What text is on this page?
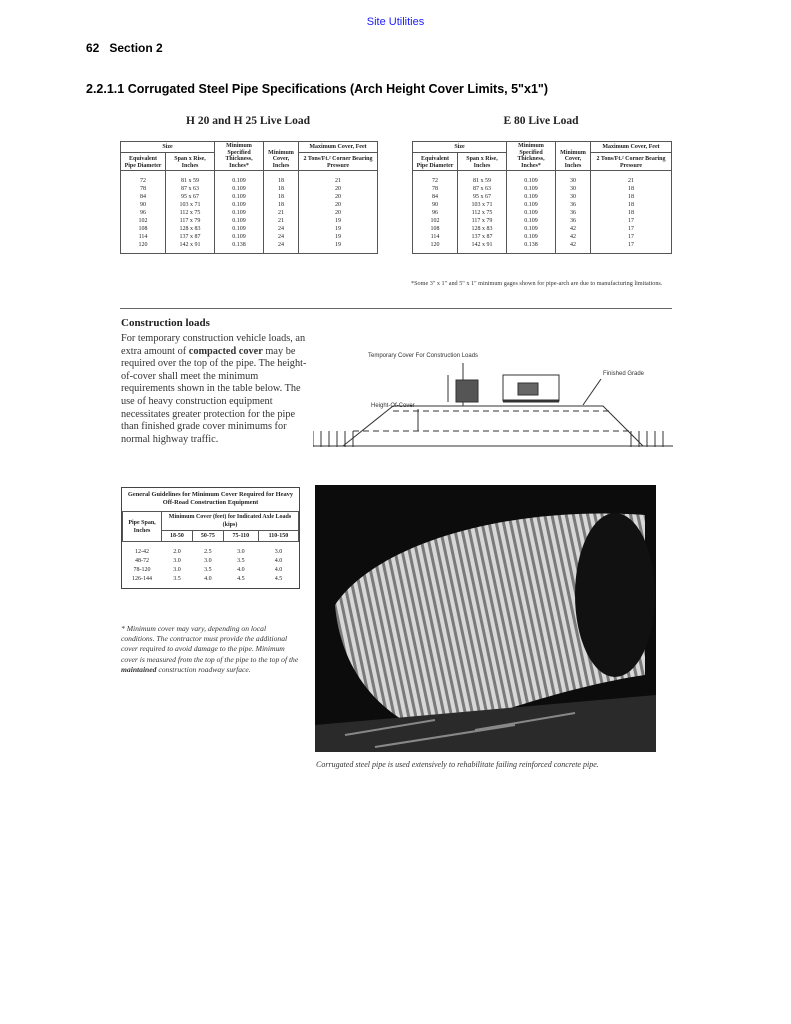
Site Utilities
62 Section 2
2.2.1.1 Corrugated Steel Pipe Specifications (Arch Height Cover Limits, 5"x1")
H 20 and H 25 Live Load
Size		Minimum Specified Thickness, Inches*	Minimum Cover, Inches	Maximum Cover, Feet
Equivalent Pipe Diameter	Span x Rise, Inches			2 Tons/Ft.² Corner Bearing Pressure
72	81 x 59	0.109	18	21
78	87 x 63	0.109	18	20
84	95 x 67	0.109	18	20
90	103 x 71	0.109	18	20
96	112 x 75	0.109	21	20
102	117 x 79	0.109	21	19
108	128 x 83	0.109	24	19
114	137 x 87	0.109	24	19
120	142 x 91	0.138	24	19
E 80 Live Load
Size		Minimum Specified Thickness, Inches*	Minimum Cover, Inches	Maximum Cover, Feet
Equivalent Pipe Diameter	Span x Rise, Inches			2 Tons/Ft.² Corner Bearing Pressure
72	81 x 59	0.109	30	21
78	87 x 63	0.109	30	18
84	95 x 67	0.109	30	18
90	103 x 71	0.109	36	18
96	112 x 75	0.109	36	18
102	117 x 79	0.109	36	17
108	128 x 83	0.109	42	17
114	137 x 87	0.109	42	17
120	142 x 91	0.138	42	17
*Some 3" x 1" and 5" x 1" minimum gages shown for pipe-arch are due to manufacturing limitations.
Construction loads
For temporary construction vehicle loads, an extra amount of compacted cover may be required over the top of the pipe. The height-of-cover shall meet the minimum requirements shown in the table below. The use of heavy construction equipment necessitates greater protection for the pipe than finished grade cover minimums for normal highway traffic.
Temporary Cover For Construction Loads
Finished Grade
Height-Of-Cover
General Guidelines for Minimum Cover Required for Heavy Off-Road Construction Equipment
Pipe Span, Inches	Minimum Cover (feet) for Indicated Axle Loads (kips)			
	18-50	50-75	75-110	110-150
12-42	2.0	2.5	3.0	3.0
48-72	3.0	3.0	3.5	4.0
78-120	3.0	3.5	4.0	4.0
126-144	3.5	4.0	4.5	4.5
* Minimum cover may vary, depending on local conditions. The contractor must provide the additional cover required to avoid damage to the pipe. Minimum cover is measured from the top of the pipe to the top of the maintained construction roadway surface.
Corrugated steel pipe is used extensively to rehabilitate failing reinforced concrete pipe.
